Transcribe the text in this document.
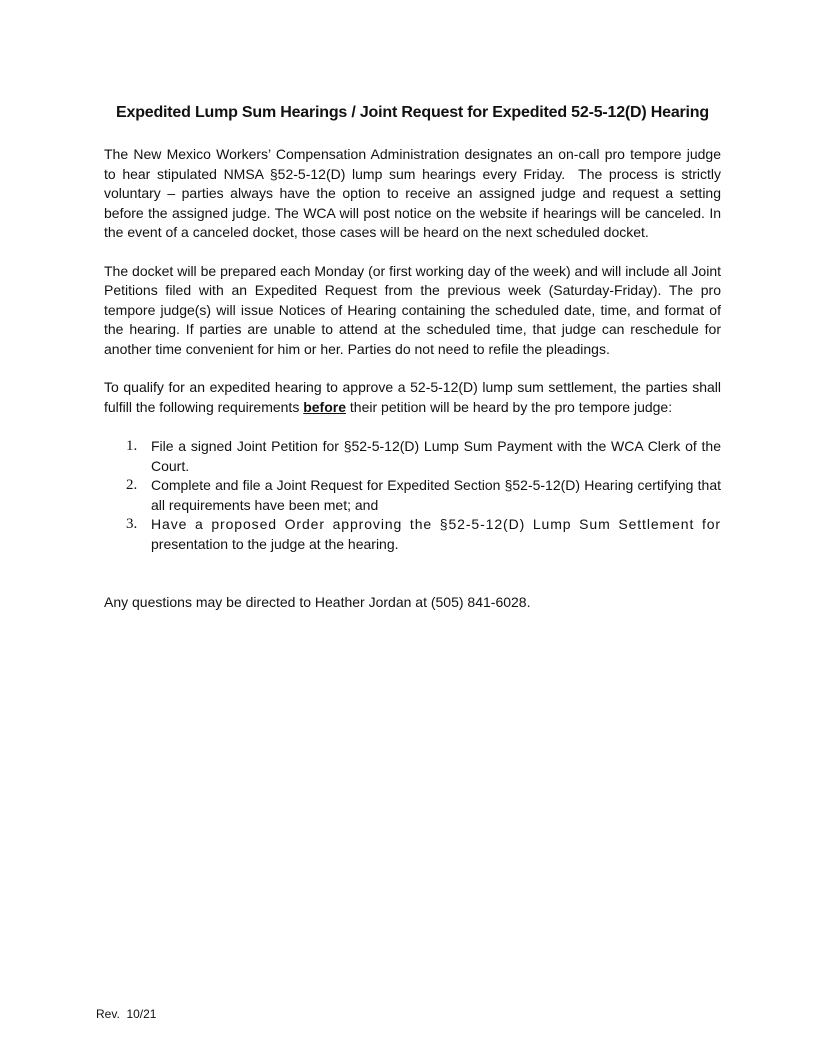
Expedited Lump Sum Hearings / Joint Request for Expedited 52-5-12(D) Hearing

The New Mexico Workers’ Compensation Administration designates an on-call pro tempore judge to hear stipulated NMSA §52-5-12(D) lump sum hearings every Friday.  The process is strictly voluntary – parties always have the option to receive an assigned judge and request a setting before the assigned judge. The WCA will post notice on the website if hearings will be canceled. In the event of a canceled docket, those cases will be heard on the next scheduled docket.

The docket will be prepared each Monday (or first working day of the week) and will include all Joint Petitions filed with an Expedited Request from the previous week (Saturday-Friday). The pro tempore judge(s) will issue Notices of Hearing containing the scheduled date, time, and format of the hearing. If parties are unable to attend at the scheduled time, that judge can reschedule for another time convenient for him or her. Parties do not need to refile the pleadings.

To qualify for an expedited hearing to approve a 52-5-12(D) lump sum settlement, the parties shall fulfill the following requirements before their petition will be heard by the pro tempore judge:

1. File a signed Joint Petition for §52-5-12(D) Lump Sum Payment with the WCA Clerk of the Court.
2. Complete and file a Joint Request for Expedited Section §52-5-12(D) Hearing certifying that all requirements have been met; and
3. Have a proposed Order approving the §52-5-12(D) Lump Sum Settlement for
presentation to the judge at the hearing.

Any questions may be directed to Heather Jordan at (505) 841-6028.

Rev.  10/21
